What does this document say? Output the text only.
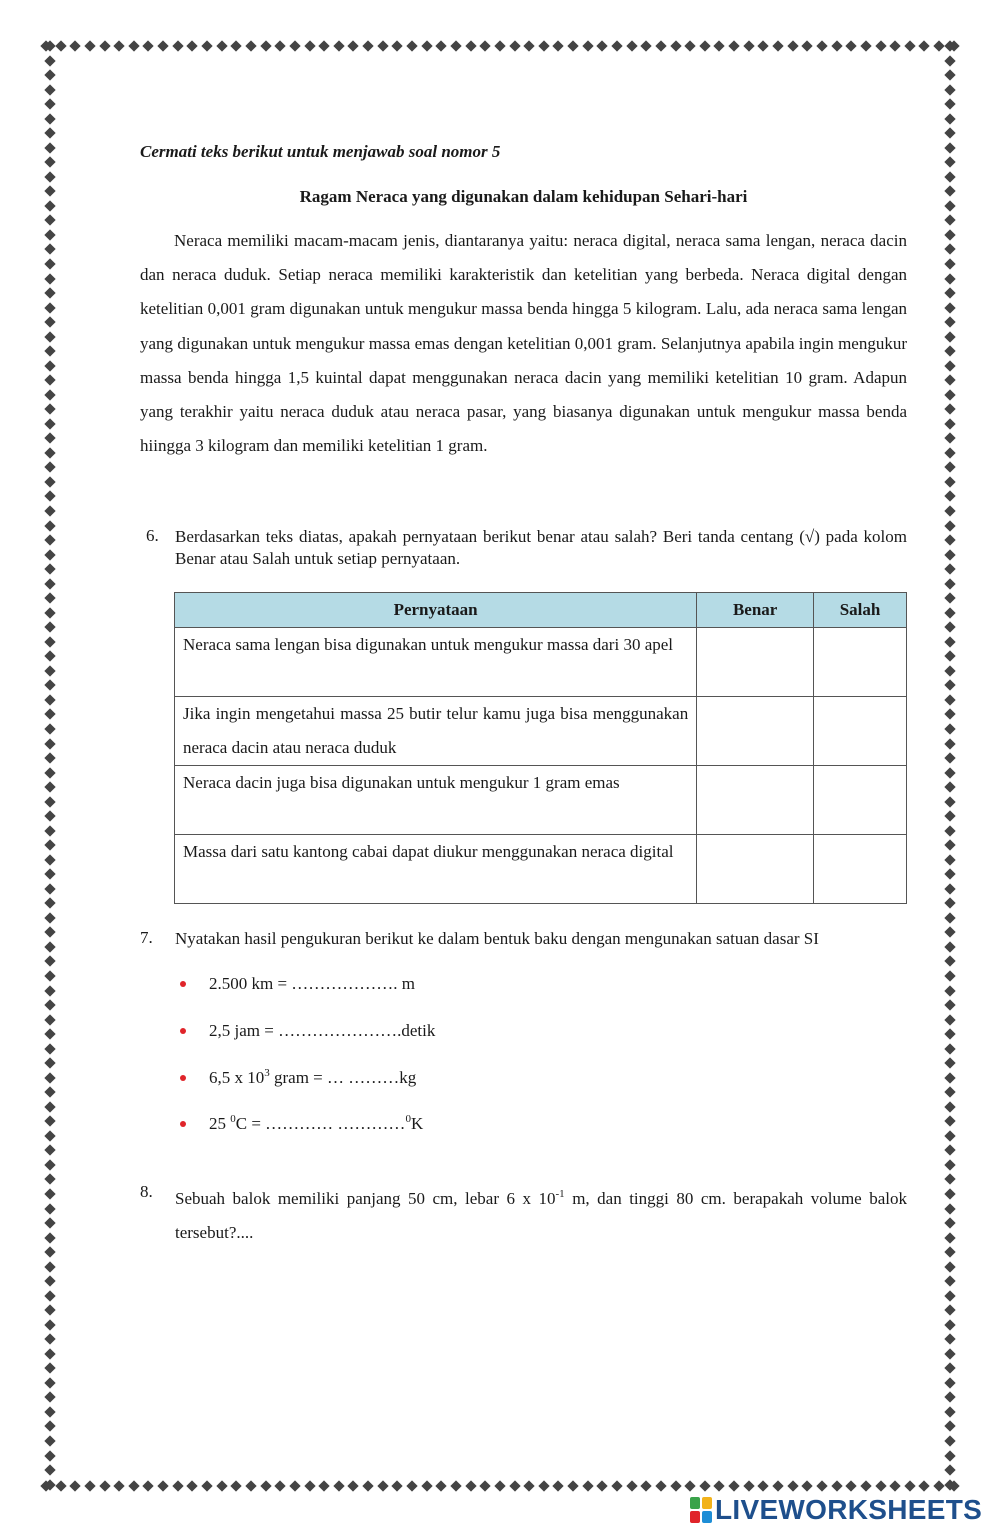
Cermati teks berikut untuk menjawab soal nomor 5
Ragam Neraca yang digunakan dalam kehidupan Sehari-hari
Neraca memiliki macam-macam jenis, diantaranya yaitu: neraca digital, neraca sama lengan, neraca dacin dan neraca duduk. Setiap neraca memiliki karakteristik dan ketelitian yang berbeda. Neraca digital dengan ketelitian 0,001 gram digunakan untuk mengukur massa benda hingga 5 kilogram. Lalu, ada neraca sama lengan yang digunakan untuk mengukur massa emas dengan ketelitian 0,001 gram. Selanjutnya apabila ingin mengukur massa benda hingga 1,5 kuintal dapat menggunakan neraca dacin yang memiliki ketelitian 10 gram. Adapun yang terakhir yaitu neraca duduk atau neraca pasar, yang biasanya digunakan untuk mengukur massa benda hiingga 3 kilogram dan memiliki ketelitian 1 gram.
6. Berdasarkan teks diatas, apakah pernyataan berikut benar atau salah? Beri tanda centang (√) pada kolom Benar atau Salah untuk setiap pernyataan.
Pernyataan	Benar	Salah
Neraca sama lengan bisa digunakan untuk mengukur massa dari 30 apel		
Jika ingin mengetahui massa 25 butir telur kamu juga bisa menggunakan neraca dacin atau neraca duduk		
Neraca dacin juga bisa digunakan untuk mengukur 1 gram emas		
Massa dari satu kantong cabai dapat diukur menggunakan neraca digital		
7. Nyatakan hasil pengukuran berikut ke dalam bentuk baku dengan mengunakan satuan dasar SI
2.500 km = ………………. m
2,5 jam = ………………….detik
6,5 x $10^3$ gram = … ………kg
25 $^0$C = ………… …………$^0$K
8. Sebuah balok memiliki panjang 50 cm, lebar 6 x $10^{-1}$ m, dan tinggi 80 cm. berapakah volume balok tersebut?....
LIVEWORKSHEETS
